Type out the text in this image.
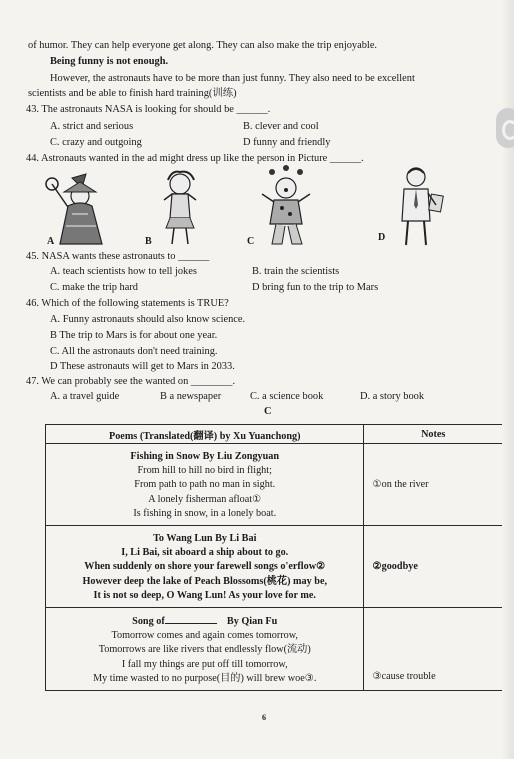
of humor. They can help everyone get along. They can also make the trip enjoyable.
Being funny is not enough.
However, the astronauts have to be more than just funny. They also need to be excellent
scientists and be able to finish hard training(训练)
43. The astronauts NASA is looking for should be ______.
A. strict and serious	B. clever and cool
C. crazy and outgoing	D funny and friendly
44. Astronauts wanted in the ad might dress up like the person in Picture ______.
A	B	C	D
45. NASA wants these astronauts to ______
A. teach scientists how to tell jokes	B. train the scientists
C. make the trip hard	D bring fun to the trip to Mars
46. Which of the following statements is TRUE?
A. Funny astronauts should also know science.
B The trip to Mars is for about one year.
C. All the astronauts don't need training.
D These astronauts will get to Mars in 2033.
47. We can probably see the wanted on ________.
A. a travel guide	B a newspaper	C. a science book	D. a story book
C
Poems (Translated(翻译) by Xu Yuanchong)	Notes

Fishing in Snow By Liu Zongyuan
From hill to hill no bird in flight;
From path to path no man in sight.
A lonely fisherman afloat①
Is fishing in snow, in a lonely boat.	①on the river

To Wang Lun By Li Bai
I, Li Bai, sit aboard a ship about to go.
When suddenly on shore your farewell songs o'erflow②
However deep the lake of Peach Blossoms(桃花) may be,
It is not so deep, O Wang Lun! As your love for me.	②goodbye

Song of By Qian Fu
Tomorrow comes and again comes tomorrow,
Tomorrows are like rivers that endlessly flow(流动)
I fall my things are put off till tomorrow,
My time wasted to no purpose(目的) will brew woe③.	③cause trouble
6
